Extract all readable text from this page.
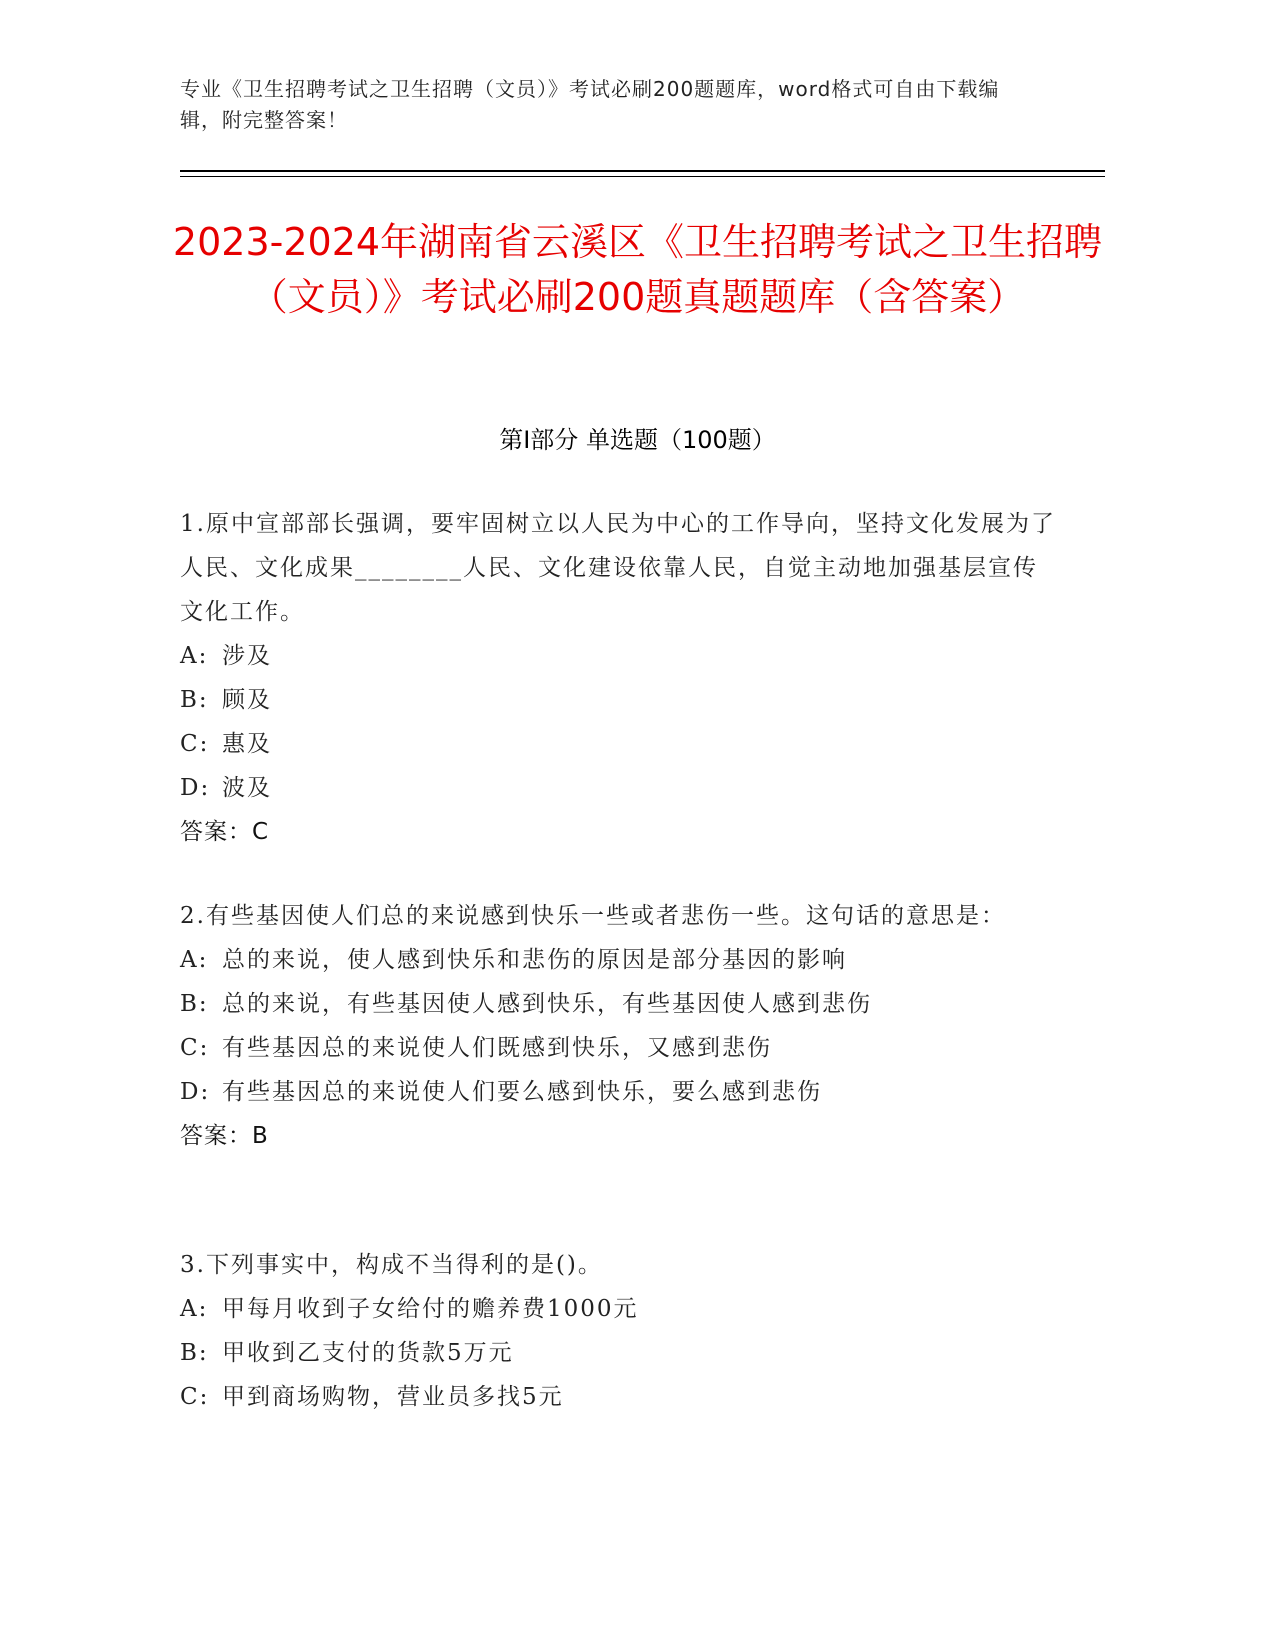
专业《卫生招聘考试之卫生招聘（文员）》考试必刷200题题库，word格式可自由下载编辑，附完整答案！
2023-2024年湖南省云溪区《卫生招聘考试之卫生招聘（文员）》考试必刷200题真题题库（含答案）
第Ⅰ部分 单选题（100题）
1.原中宣部部长强调，要牢固树立以人民为中心的工作导向，坚持文化发展为了人民、文化成果________人民、文化建设依靠人民，自觉主动地加强基层宣传文化工作。
A: 涉及
B: 顾及
C: 惠及
D: 波及
答案：C
2.有些基因使人们总的来说感到快乐一些或者悲伤一些。这句话的意思是：
A: 总的来说，使人感到快乐和悲伤的原因是部分基因的影响
B: 总的来说，有些基因使人感到快乐，有些基因使人感到悲伤
C: 有些基因总的来说使人们既感到快乐，又感到悲伤
D: 有些基因总的来说使人们要么感到快乐，要么感到悲伤
答案：B
3.下列事实中，构成不当得利的是()。
A: 甲每月收到子女给付的赡养费1000元
B: 甲收到乙支付的货款5万元
C: 甲到商场购物，营业员多找5元
